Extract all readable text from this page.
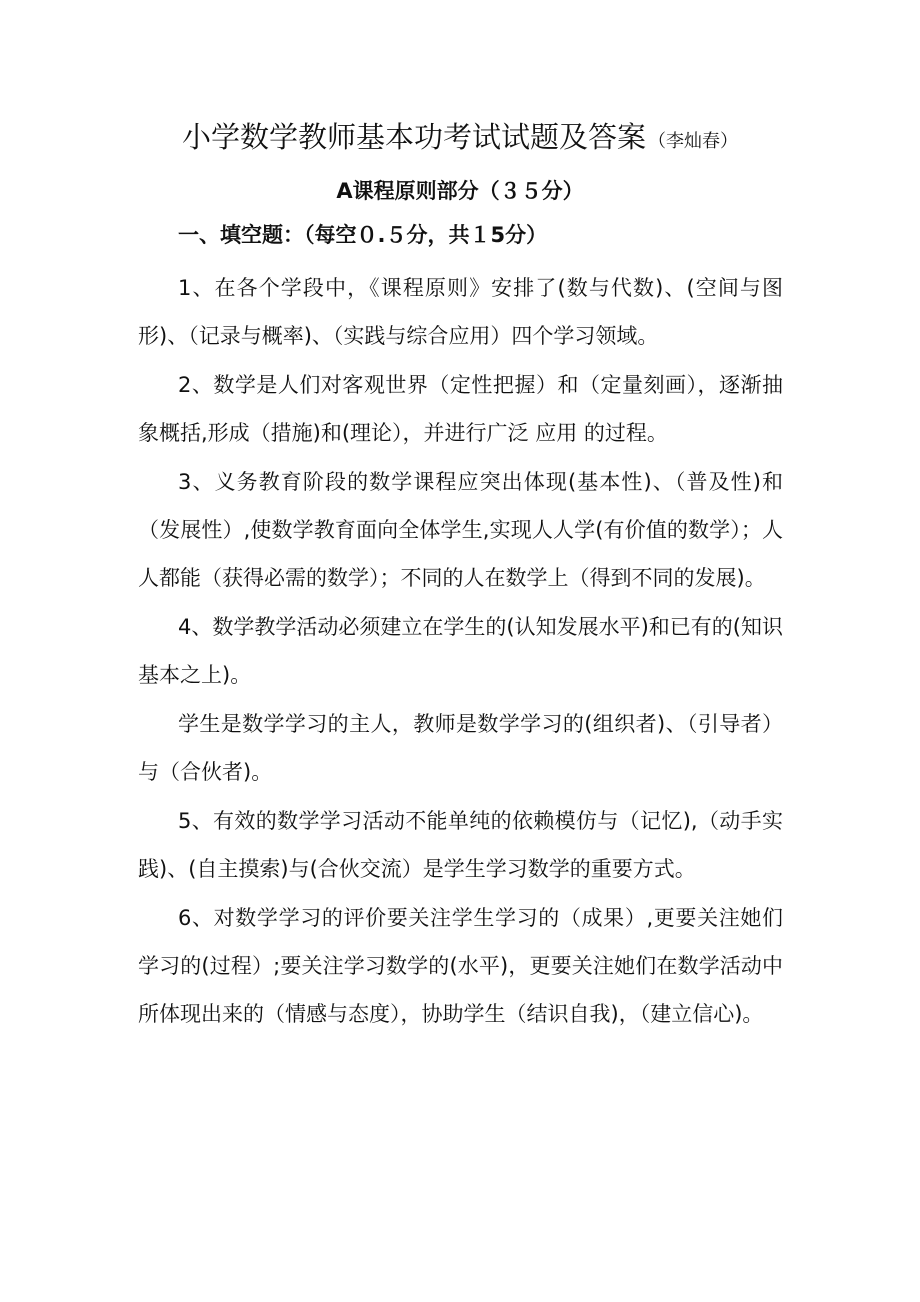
小学数学教师基本功考试试题及答案 （李灿春）
A课程原则部分（３５分）
一、填空题：（每空０.５分，共１5分）

1、在各个学段中，《课程原则》安排了(数与代数)、(空间与图形)、（记录与概率)、（实践与综合应用）四个学习领域。

2、数学是人们对客观世界（定性把握）和（定量刻画），逐渐抽象概括,形成（措施)和(理论），并进行广泛 应用 的过程。

3、义务教育阶段的数学课程应突出体现(基本性)、（普及性)和（发展性）,使数学教育面向全体学生,实现人人学(有价值的数学）；人人都能（获得必需的数学）；不同的人在数学上（得到不同的发展)。

4、数学教学活动必须建立在学生的(认知发展水平)和已有的(知识基本之上)。

学生是数学学习的主人，教师是数学学习的(组织者)、（引导者）与（合伙者)。

5、有效的数学学习活动不能单纯的依赖模仿与（记忆),（动手实践)、(自主摸索)与(合伙交流）是学生学习数学的重要方式。

6、对数学学习的评价要关注学生学习的（成果）,更要关注她们学习的(过程）;要关注学习数学的(水平)，更要关注她们在数学活动中所体现出来的（情感与态度），协助学生（结识自我)，（建立信心)。
